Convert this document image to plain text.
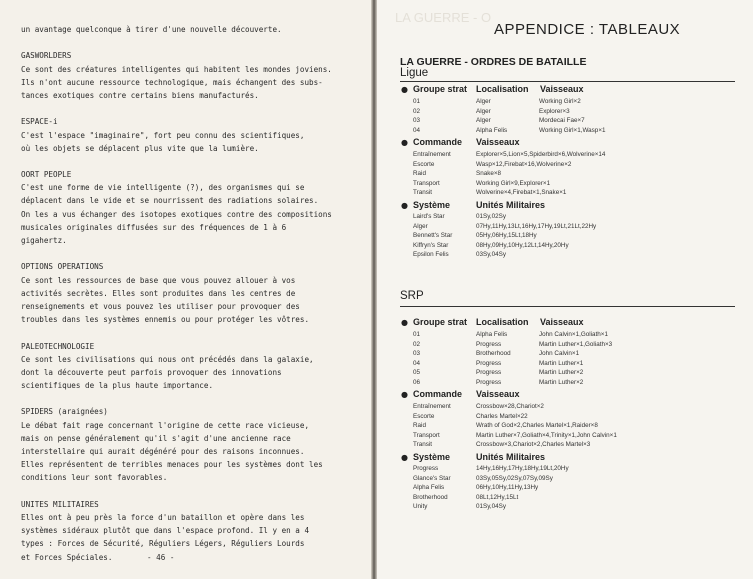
un avantage quelconque à tirer d'une nouvelle découverte.
GASWORLDERS
Ce sont des créatures intelligentes qui habitent les mondes joviens.
Ils n'ont aucune ressource technologique, mais échangent des subs-
tances exotiques contre certains biens manufacturés.
ESPACE-i
C'est l'espace "imaginaire", fort peu connu des scientifiques,
où les objets se déplacent plus vite que la lumière.
OORT PEOPLE
C'est une forme de vie intelligente (?), des organismes qui se
déplacent dans le vide et se nourrissent des radiations solaires.
On les a vus échanger des isotopes exotiques contre des compositions
musicales originales diffusées sur des fréquences de 1 à 6
gigahertz.
OPTIONS OPERATIONS
Ce sont les ressources de base que vous pouvez allouer à vos
activités secrètes. Elles sont produites dans les centres de
renseignements et vous pouvez les utiliser pour provoquer des
troubles dans les systèmes ennemis ou pour protéger les vôtres.
PALEOTECHNOLOGIE
Ce sont les civilisations qui nous ont précédés dans la galaxie,
dont la découverte peut parfois provoquer des innovations
scientifiques de la plus haute importance.
SPIDERS (araignées)
Le débat fait rage concernant l'origine de cette race vicieuse,
mais on pense généralement qu'il s'agit d'une ancienne race
interstellaire qui aurait dégénéré pour des raisons inconnues.
Elles représentent de terribles menaces pour les systèmes dont les
conditions leur sont favorables.
UNITES MILITAIRES
Elles ont à peu près la force d'un bataillon et opère dans les
systèmes sidéraux plutôt que dans l'espace profond. Il y en a 4
types : Forces de Sécurité, Réguliers Légers, Réguliers Lourds
et Forces Spéciales.	- 46 -
LA GUERRE - O
APPENDICE : TABLEAUX
LA GUERRE - ORDRES DE BATAILLE
Ligue
● Groupe strat Localisation Vaisseaux
01	Alger	Working Girl×2
02	Alger	Explorer×3
03	Alger	Mordecai Fae×7
04	Alpha Felis	Working Girl×1,Wasp×1
● Commande Vaisseaux
Entraînement	Explorer×5,Lion×5,Spiderbird×6,Wolverine×14
Escorte	Wasp×12,Firebat×16,Wolverine×2
Raid	Snake×8
Transport	Working Girl×9,Explorer×1
Transit	Wolverine×4,Firebat×1,Snake×1
● Système	Unités Militaires
Laird's Star	01Sy,02Sy
Alger	07Hy,11Hy,13Lt,16Hy,17Hy,19Lt,21Lt,22Hy
Bennett's Star	05Hy,06Hy,15Lt,18Hy
Kiffryn's Star	08Hy,09Hy,10Hy,12Lt,14Hy,20Hy
Epsilon Felis	03Sy,04Sy
SRP
● Groupe strat Localisation Vaisseaux
01	Alpha Felis	John Calvin×1,Goliath×1
02	Progress	Martin Luther×1,Goliath×3
03	Brotherhood	John Calvin×1
04	Progress	Martin Luther×1
05	Progress	Martin Luther×2
06	Progress	Martin Luther×2
● Commande Vaisseaux
Entraînement	Crossbow×28,Chariot×2
Escorte	Charles Martel×22
Raid	Wrath of God×2,Charles Martel×1,Raider×8
Transport	Martin Luther×7,Goliath×4,Trinity×1,John Calvin×1
Transit	Crossbow×3,Chariot×2,Charles Martel×3
● Système	Unités Militaires
Progress	14Hy,16Hy,17Hy,18Hy,19Lt,20Hy
Glance's Star	03Sy,05Sy,02Sy,07Sy,09Sy
Alpha Felis	06Hy,10Hy,11Hy,13Hy
Brotherhood	08Lt,12Hy,15Lt
Unity	01Sy,04Sy
